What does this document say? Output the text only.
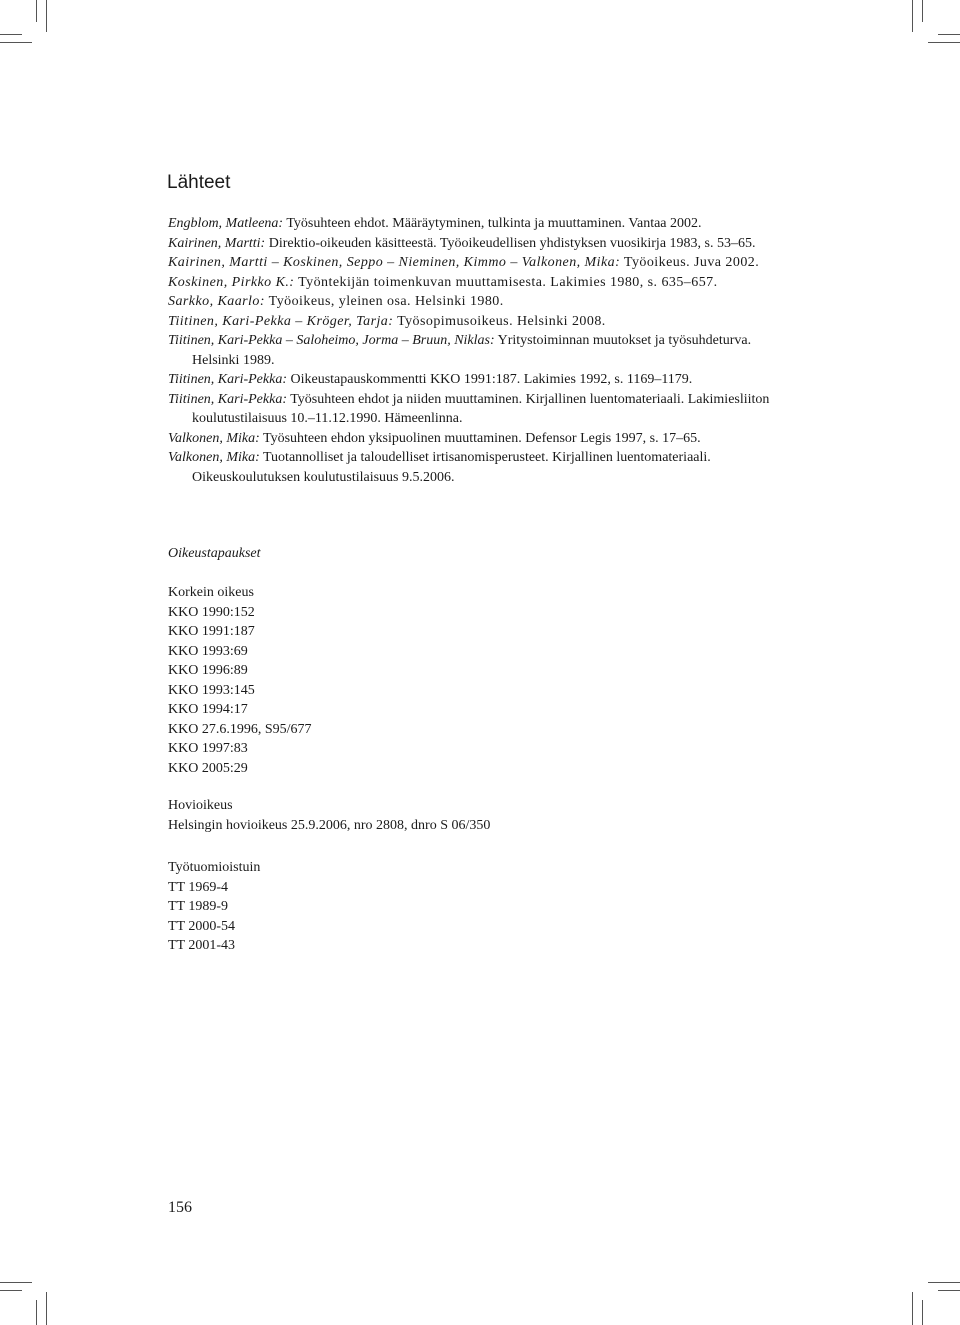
Lähteet
Engblom, Matleena: Työsuhteen ehdot. Määräytyminen, tulkinta ja muuttaminen. Vantaa 2002.
Kairinen, Martti: Direktio-oikeuden käsitteestä. Työoikeudellisen yhdistyksen vuosikirja 1983, s. 53–65.
Kairinen, Martti – Koskinen, Seppo – Nieminen, Kimmo – Valkonen, Mika: Työoikeus. Juva 2002.
Koskinen, Pirkko K.: Työntekijän toimenkuvan muuttamisesta. Lakimies 1980, s. 635–657.
Sarkko, Kaarlo: Työoikeus, yleinen osa. Helsinki 1980.
Tiitinen, Kari-Pekka – Kröger, Tarja: Työsopimusoikeus. Helsinki 2008.
Tiitinen, Kari-Pekka – Saloheimo, Jorma – Bruun, Niklas: Yritystoiminnan muutokset ja työsuhdeturva. Helsinki 1989.
Tiitinen, Kari-Pekka: Oikeustapauskommentti KKO 1991:187. Lakimies 1992, s. 1169–1179.
Tiitinen, Kari-Pekka: Työsuhteen ehdot ja niiden muuttaminen. Kirjallinen luentomateriaali. Lakimiesliiton koulutustilaisuus 10.–11.12.1990. Hämeenlinna.
Valkonen, Mika: Työsuhteen ehdon yksipuolinen muuttaminen. Defensor Legis 1997, s. 17–65.
Valkonen, Mika: Tuotannolliset ja taloudelliset irtisanomisperusteet. Kirjallinen luentomateriaali. Oikeuskoulutuksen koulutustilaisuus 9.5.2006.
Oikeustapaukset
Korkein oikeus
KKO 1990:152
KKO 1991:187
KKO 1993:69
KKO 1996:89
KKO 1993:145
KKO 1994:17
KKO 27.6.1996, S95/677
KKO 1997:83
KKO 2005:29
Hovioikeus
Helsingin hovioikeus 25.9.2006, nro 2808, dnro S 06/350
Työtuomioistuin
TT 1969-4
TT 1989-9
TT 2000-54
TT 2001-43
156
